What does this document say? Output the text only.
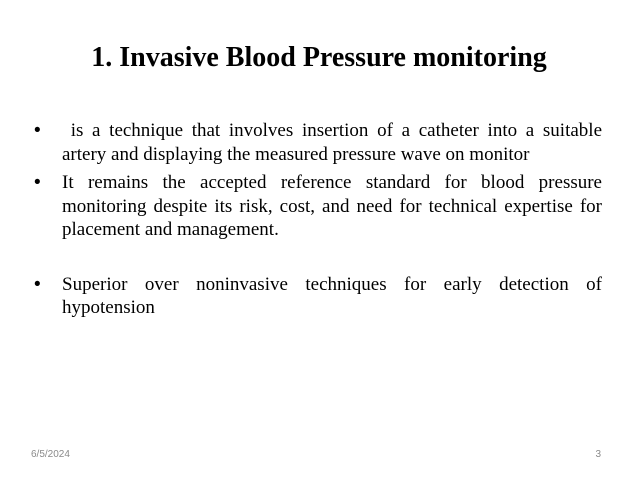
1. Invasive Blood Pressure monitoring
•	is a technique that involves insertion of a catheter into a suitable artery and displaying the measured pressure wave on monitor
•	It remains the accepted reference standard for blood pressure monitoring despite its risk, cost, and need for technical expertise for placement and management.
•	Superior over noninvasive techniques for early detection of hypotension
6/5/2024	3
